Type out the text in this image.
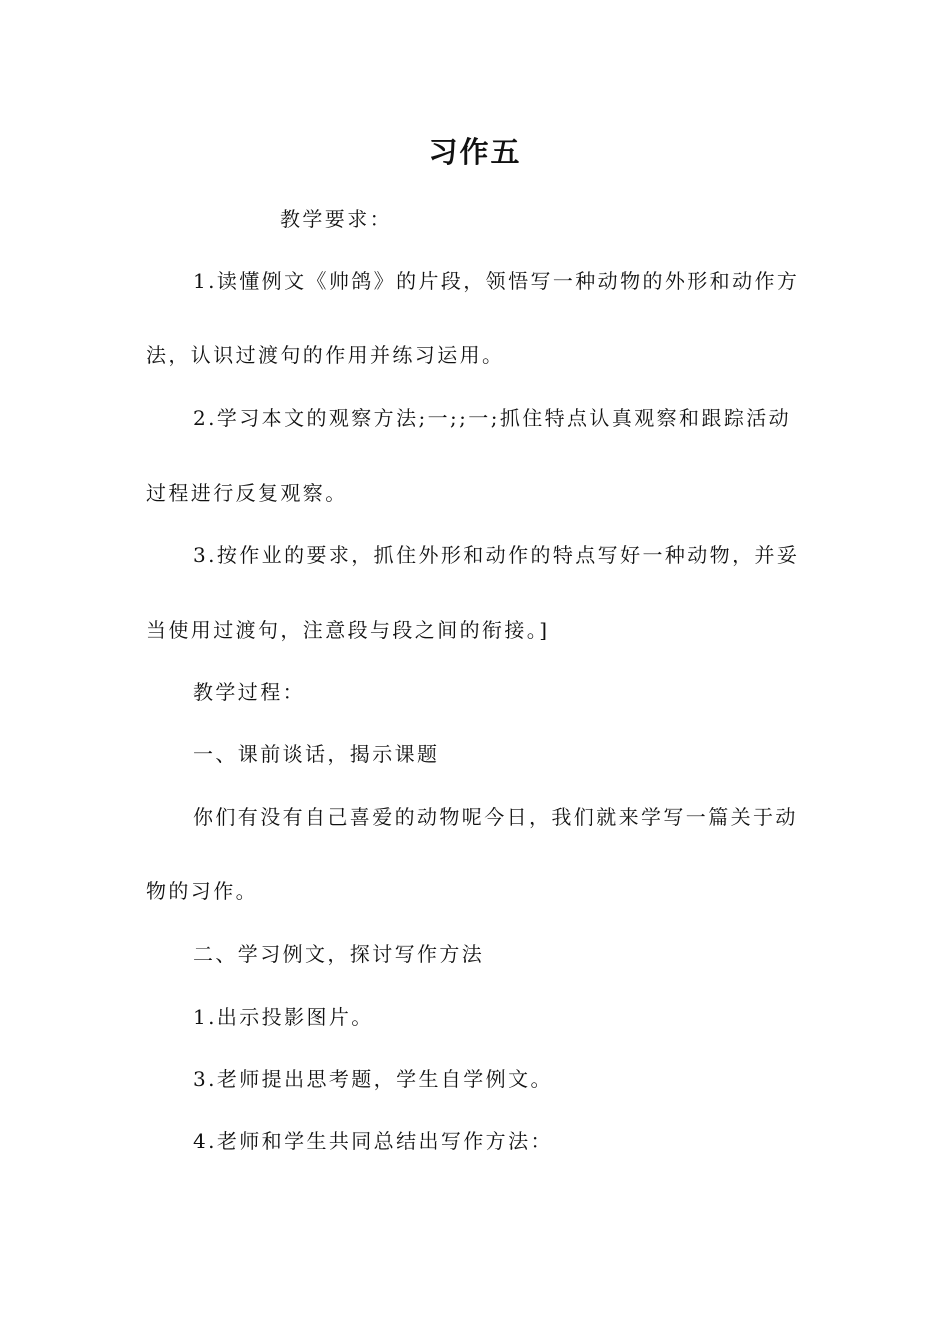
习作五

教学要求：

1.读懂例文《帅鸽》的片段，领悟写一种动物的外形和动作方

法，认识过渡句的作用并练习运用。

2.学习本文的观察方法;一;;一;抓住特点认真观察和跟踪活动

过程进行反复观察。

3.按作业的要求，抓住外形和动作的特点写好一种动物，并妥

当使用过渡句，注意段与段之间的衔接。]

教学过程：

一、课前谈话，揭示课题

你们有没有自己喜爱的动物呢今日，我们就来学写一篇关于动

物的习作。

二、学习例文，探讨写作方法

1.出示投影图片。

3.老师提出思考题，学生自学例文。

4.老师和学生共同总结出写作方法：
